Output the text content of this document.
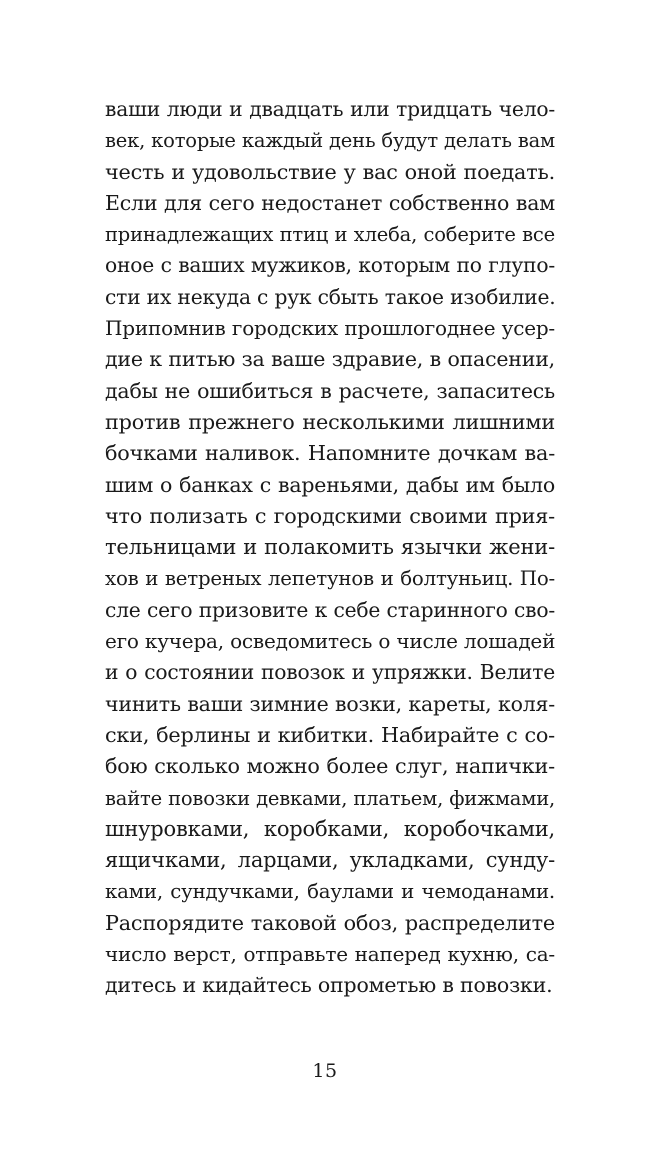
ваши люди и двадцать или тридцать чело-
век, которые каждый день будут делать вам
честь и удовольствие у вас оной поедать.
Если для сего недостанет собственно вам
принадлежащих птиц и хлеба, соберите все
оное с ваших мужиков, которым по глупо-
сти их некуда с рук сбыть такое изобилие.
Припомнив городских прошлогоднее усер-
дие к питью за ваше здравие, в опасении,
дабы не ошибиться в расчете, запаситесь
против прежнего несколькими лишними
бочками наливок. Напомните дочкам ва-
шим о банках с вареньями, дабы им было
что полизать с городскими своими прия-
тельницами и полакомить язычки жени-
хов и ветреных лепетунов и болтуньиц. По-
сле сего призовите к себе старинного сво-
его кучера, осведомитесь о числе лошадей
и о состоянии повозок и упряжки. Велите
чинить ваши зимние возки, кареты, коля-
ски, берлины и кибитки. Набирайте с со-
бою сколько можно более слуг, напички-
вайте повозки девками, платьем, фижмами,
шнуровками, коробками, коробочками,
ящичками, ларцами, укладками, сунду-
ками, сундучками, баулами и чемоданами.
Распорядите таковой обоз, распределите
число верст, отправьте наперед кухню, са-
дитесь и кидайтесь опрометью в повозки.
15
